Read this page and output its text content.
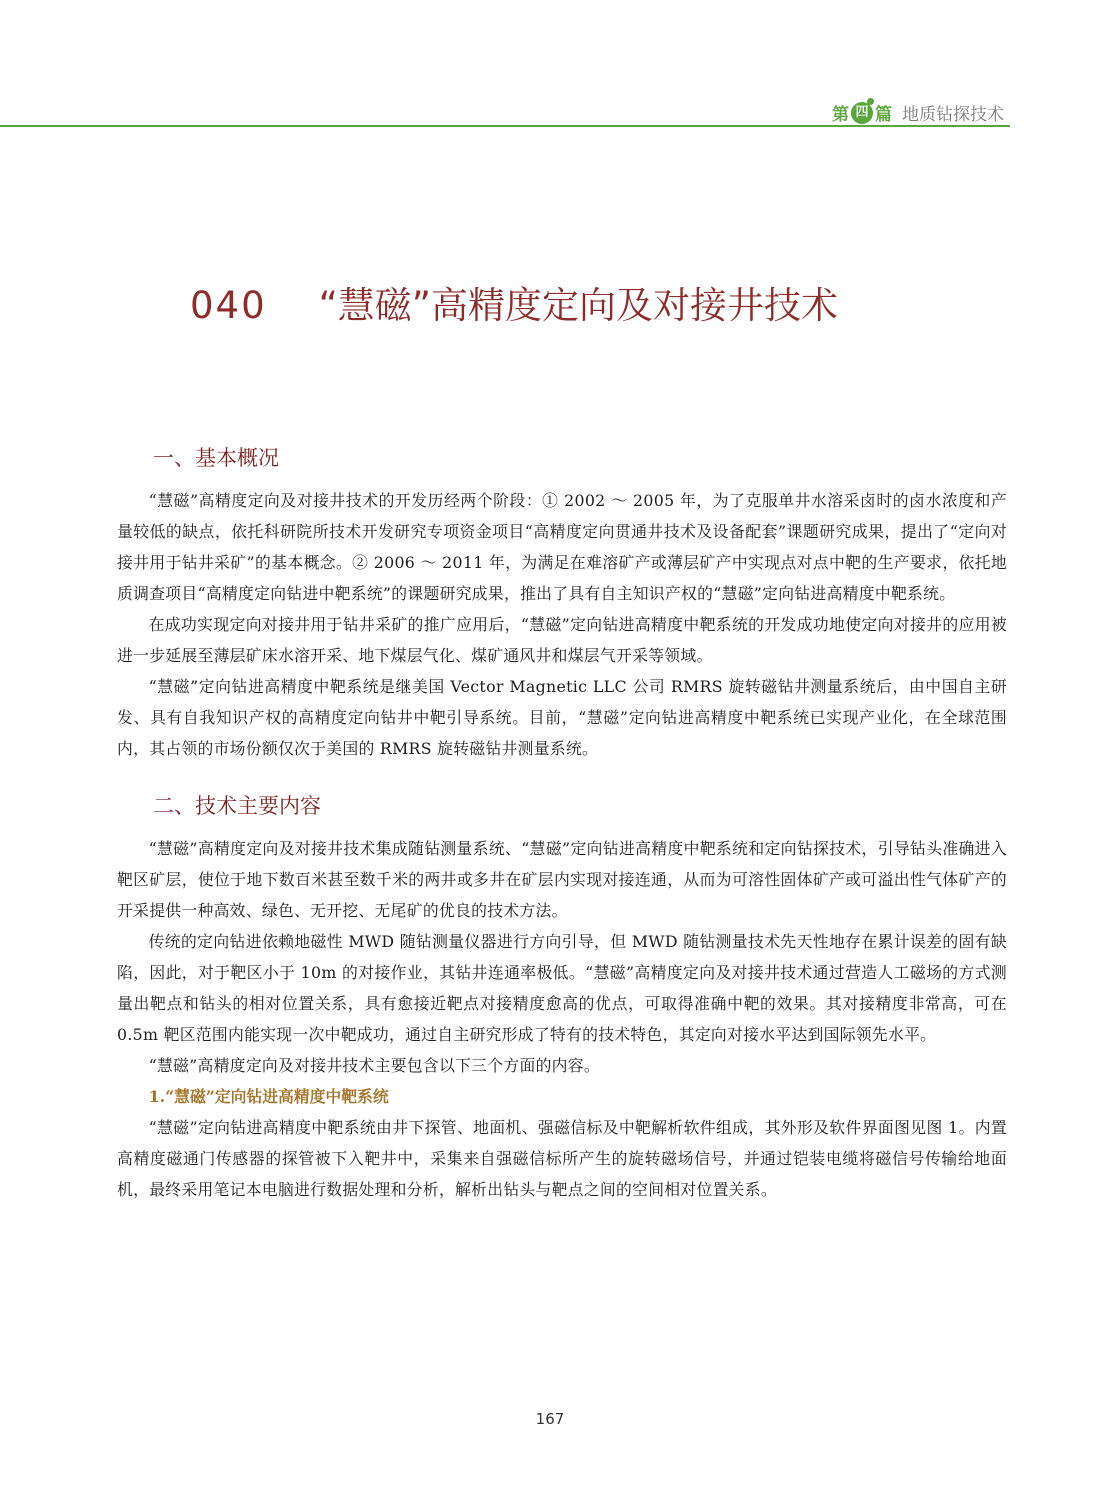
第 四 篇 地质钻探技术
040 “慧磁”高精度定向及对接井技术
一、基本概况

“慧磁”高精度定向及对接井技术的开发历经两个阶段：① 2002 ～ 2005 年，为了克服单井水溶采卤时的卤水浓度和产量较低的缺点，依托科研院所技术开发研究专项资金项目“高精度定向贯通井技术及设备配套”课题研究成果，提出了“定向对接井用于钻井采矿”的基本概念。② 2006 ～ 2011 年，为满足在难溶矿产或薄层矿产中实现点对点中靶的生产要求，依托地质调查项目“高精度定向钻进中靶系统”的课题研究成果，推出了具有自主知识产权的“慧磁”定向钻进高精度中靶系统。

在成功实现定向对接井用于钻井采矿的推广应用后，“慧磁”定向钻进高精度中靶系统的开发成功地使定向对接井的应用被进一步延展至薄层矿床水溶开采、地下煤层气化、煤矿通风井和煤层气开采等领域。

“慧磁”定向钻进高精度中靶系统是继美国 Vector Magnetic LLC 公司 RMRS 旋转磁钻井测量系统后，由中国自主研发、具有自我知识产权的高精度定向钻井中靶引导系统。目前，“慧磁”定向钻进高精度中靶系统已实现产业化，在全球范围内，其占领的市场份额仅次于美国的 RMRS 旋转磁钻井测量系统。

二、技术主要内容

“慧磁”高精度定向及对接井技术集成随钻测量系统、“慧磁”定向钻进高精度中靶系统和定向钻探技术，引导钻头准确进入靶区矿层，使位于地下数百米甚至数千米的两井或多井在矿层内实现对接连通，从而为可溶性固体矿产或可溢出性气体矿产的开采提供一种高效、绿色、无开挖、无尾矿的优良的技术方法。

传统的定向钻进依赖地磁性 MWD 随钻测量仪器进行方向引导，但 MWD 随钻测量技术先天性地存在累计误差的固有缺陷，因此，对于靶区小于 10m 的对接作业，其钻井连通率极低。“慧磁”高精度定向及对接井技术通过营造人工磁场的方式测量出靶点和钻头的相对位置关系，具有愈接近靶点对接精度愈高的优点，可取得准确中靶的效果。其对接精度非常高，可在 0.5m 靶区范围内能实现一次中靶成功，通过自主研究形成了特有的技术特色，其定向对接水平达到国际领先水平。

“慧磁”高精度定向及对接井技术主要包含以下三个方面的内容。

1.“慧磁”定向钻进高精度中靶系统

“慧磁”定向钻进高精度中靶系统由井下探管、地面机、强磁信标及中靶解析软件组成，其外形及软件界面图见图 1。内置高精度磁通门传感器的探管被下入靶井中，采集来自强磁信标所产生的旋转磁场信号，并通过铠装电缆将磁信号传输给地面机，最终采用笔记本电脑进行数据处理和分析，解析出钻头与靶点之间的空间相对位置关系。

167
